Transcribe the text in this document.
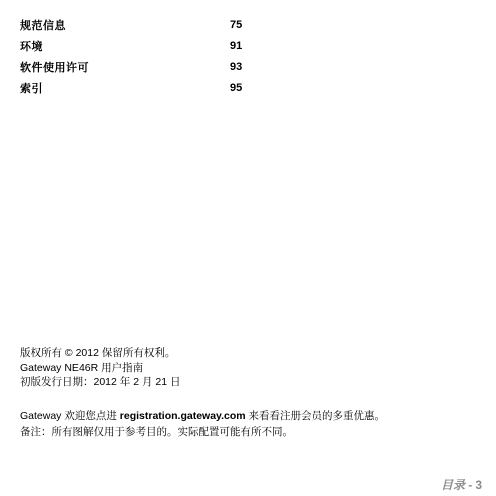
规范信息	75
环境	91
软件使用许可	93
索引	95
版权所有 © 2012 保留所有权利。
Gateway NE46R 用户指南
初版发行日期：2012 年 2 月 21 日
Gateway 欢迎您点进 registration.gateway.com 来看看注册会员的多重优惠。
备注：所有图解仅用于参考目的。实际配置可能有所不同。
目录 - 3
